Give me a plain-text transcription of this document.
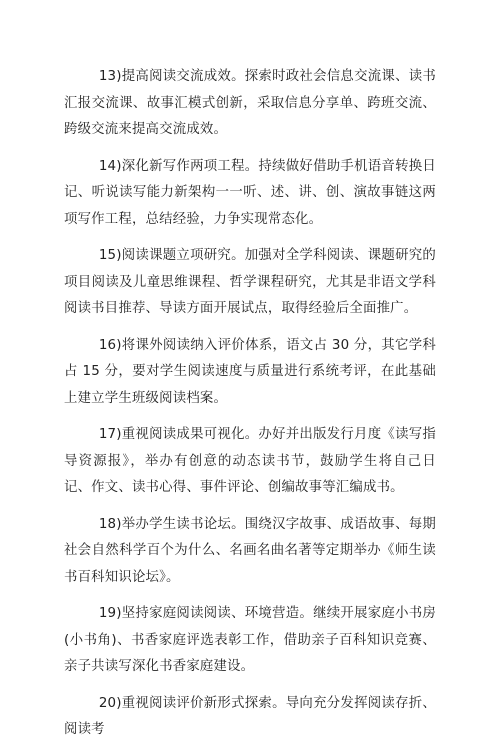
13)提高阅读交流成效。探索时政社会信息交流课、读书汇报交流课、故事汇模式创新，采取信息分享单、跨班交流、跨级交流来提高交流成效。

14)深化新写作两项工程。持续做好借助手机语音转换日记、听说读写能力新架构一一听、述、讲、创、演故事链这两项写作工程，总结经验，力争实现常态化。

15)阅读课题立项研究。加强对全学科阅读、课题研究的项目阅读及儿童思维课程、哲学课程研究，尤其是非语文学科阅读书目推荐、导读方面开展试点，取得经验后全面推广。

16)将课外阅读纳入评价体系，语文占 30 分，其它学科占 15 分，要对学生阅读速度与质量进行系统考评，在此基础上建立学生班级阅读档案。

17)重视阅读成果可视化。办好并出版发行月度《读写指导资源报》，举办有创意的动态读书节，鼓励学生将自己日记、作文、读书心得、事件评论、创编故事等汇编成书。

18)举办学生读书论坛。围绕汉字故事、成语故事、每期社会自然科学百个为什么、名画名曲名著等定期举办《师生读书百科知识论坛》。

19)坚持家庭阅读阅读、环境营造。继续开展家庭小书房(小书角)、书香家庭评选表彰工作，借助亲子百科知识竞赛、亲子共读写深化书香家庭建设。

20)重视阅读评价新形式探索。导向充分发挥阅读存折、阅读考
